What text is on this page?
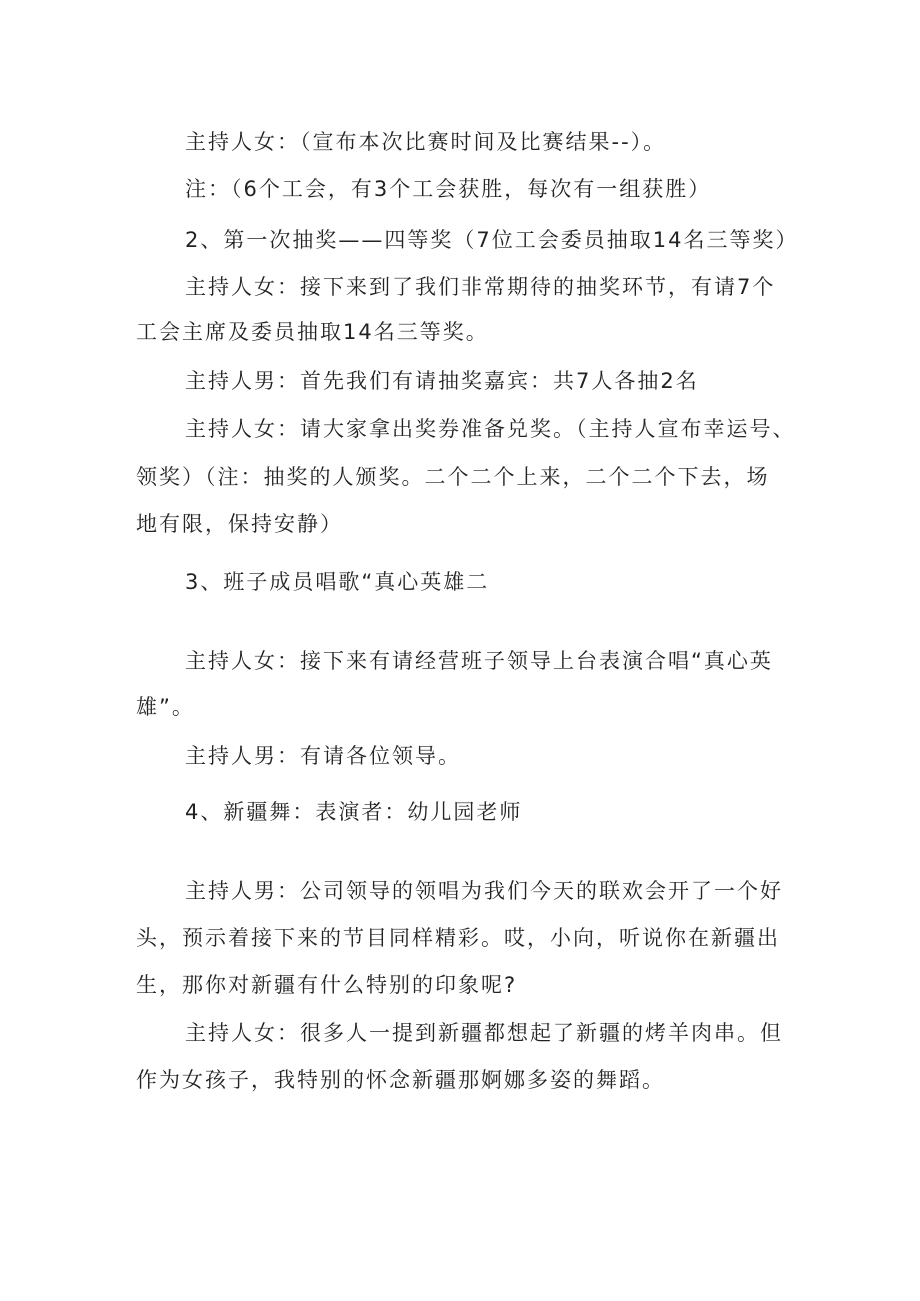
主持人女：（宣布本次比赛时间及比赛结果--）。
注：（6个工会，有3个工会获胜，每次有一组获胜）
2、第一次抽奖——四等奖（7位工会委员抽取14名三等奖）
主持人女：接下来到了我们非常期待的抽奖环节，有请7个
工会主席及委员抽取14名三等奖。
主持人男：首先我们有请抽奖嘉宾：共7人各抽2名
主持人女：请大家拿出奖券准备兑奖。（主持人宣布幸运号、
领奖）（注：抽奖的人颁奖。二个二个上来，二个二个下去，场
地有限，保持安静）
3、班子成员唱歌“真心英雄二
主持人女：接下来有请经营班子领导上台表演合唱“真心英
雄”。
主持人男：有请各位领导。
4、新疆舞：表演者：幼儿园老师
主持人男：公司领导的领唱为我们今天的联欢会开了一个好
头，预示着接下来的节目同样精彩。哎，小向，听说你在新疆出
生，那你对新疆有什么特别的印象呢?
主持人女：很多人一提到新疆都想起了新疆的烤羊肉串。但
作为女孩子，我特别的怀念新疆那婀娜多姿的舞蹈。
